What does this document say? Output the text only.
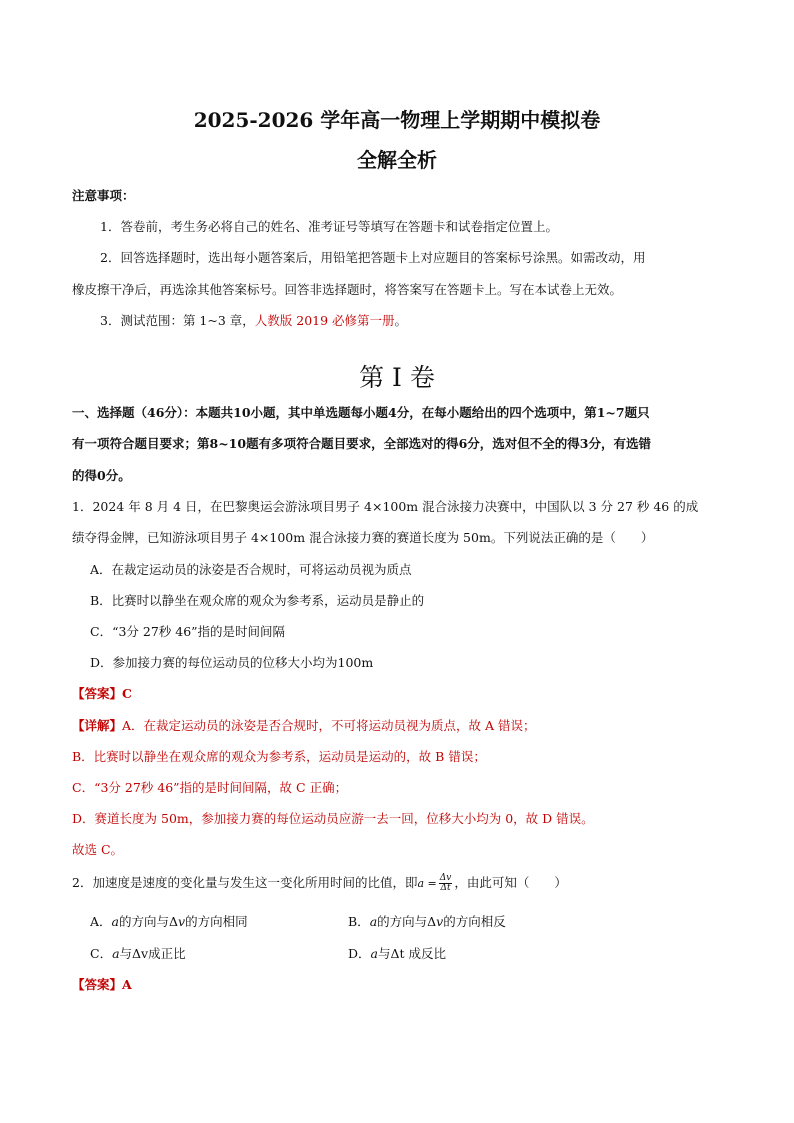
2025-2026 学年高一物理上学期期中模拟卷
全解全析
注意事项：
1．答卷前，考生务必将自己的姓名、准考证号等填写在答题卡和试卷指定位置上。
2．回答选择题时，选出每小题答案后，用铅笔把答题卡上对应题目的答案标号涂黑。如需改动，用
橡皮擦干净后，再选涂其他答案标号。回答非选择题时，将答案写在答题卡上。写在本试卷上无效。
3．测试范围：第 1~3 章，人教版 2019 必修第一册。
第 I 卷
一、选择题（46分）：本题共10小题，其中单选题每小题4分，在每小题给出的四个选项中，第1~7题只
有一项符合题目要求；第8~10题有多项符合题目要求，全部选对的得6分，选对但不全的得3分，有选错
的得0分。
1．2024 年 8 月 4 日，在巴黎奥运会游泳项目男子 4×100m 混合泳接力决赛中，中国队以 3 分 27 秒 46 的成
绩夺得金牌，已知游泳项目男子 4×100m 混合泳接力赛的赛道长度为 50m。下列说法正确的是（　　）
A．在裁定运动员的泳姿是否合规时，可将运动员视为质点
B．比赛时以静坐在观众席的观众为参考系，运动员是静止的
C．“3分 27秒 46”指的是时间间隔
D．参加接力赛的每位运动员的位移大小均为100m
【答案】C
【详解】A．在裁定运动员的泳姿是否合规时，不可将运动员视为质点，故 A 错误；
B．比赛时以静坐在观众席的观众为参考系，运动员是运动的，故 B 错误；
C．“3分 27秒 46”指的是时间间隔，故 C 正确；
D．赛道长度为 50m，参加接力赛的每位运动员应游一去一回，位移大小均为 0，故 D 错误。
故选 C。
2．加速度是速度的变化量与发生这一变化所用时间的比值，即$a = \frac{\Delta v}{\Delta t}$ ，由此可知（　　）
A．a的方向与Δv的方向相同	B．a的方向与Δv的方向相反
C．a与Δv成正比	D．a与Δt 成反比
【答案】A
